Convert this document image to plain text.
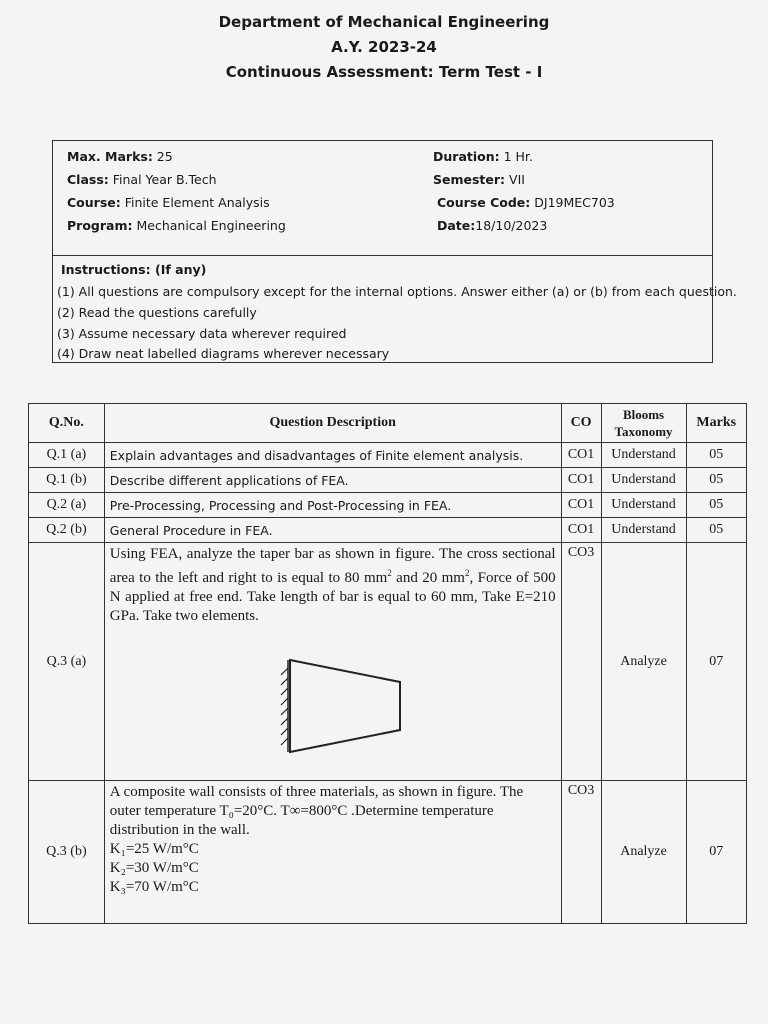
Department of Mechanical Engineering
A.Y. 2023-24
Continuous Assessment: Term Test - I
Max. Marks: 25
Class: Final Year B.Tech
Course: Finite Element Analysis
Program: Mechanical Engineering
Duration: 1 Hr.
Semester: VII
Course Code: DJ19MEC703
Date:18/10/2023
Instructions: (If any)
(1) All questions are compulsory except for the internal options. Answer either (a) or (b) from each question.
(2) Read the questions carefully
(3) Assume necessary data wherever required
(4) Draw neat labelled diagrams wherever necessary
Q.No.	Question Description	CO	Blooms Taxonomy	Marks
Q.1 (a)	Explain advantages and disadvantages of Finite element analysis.	CO1	Understand	05
Q.1 (b)	Describe different applications of FEA.	CO1	Understand	05
Q.2 (a)	Pre-Processing, Processing and Post-Processing in FEA.	CO1	Understand	05
Q.2 (b)	General Procedure in FEA.	CO1	Understand	05
Q.3 (a)	Using FEA, analyze the taper bar as shown in figure. The cross sectional area to the left and right to is equal to 80 $mm^2$ and 20 $mm^2$, Force of 500 N applied at free end. Take length of bar is equal to 60 mm, Take E=210 GPa. Take two elements.	CO3	Analyze	07
Q.3 (b)	A composite wall consists of three materials, as shown in figure. The outer temperature T₀=20°C. T∞=800°C .Determine temperature distribution in the wall.
K₁=25 W/m°C
K₂=30 W/m°C
K₃=70 W/m°C	CO3	Analyze	07
